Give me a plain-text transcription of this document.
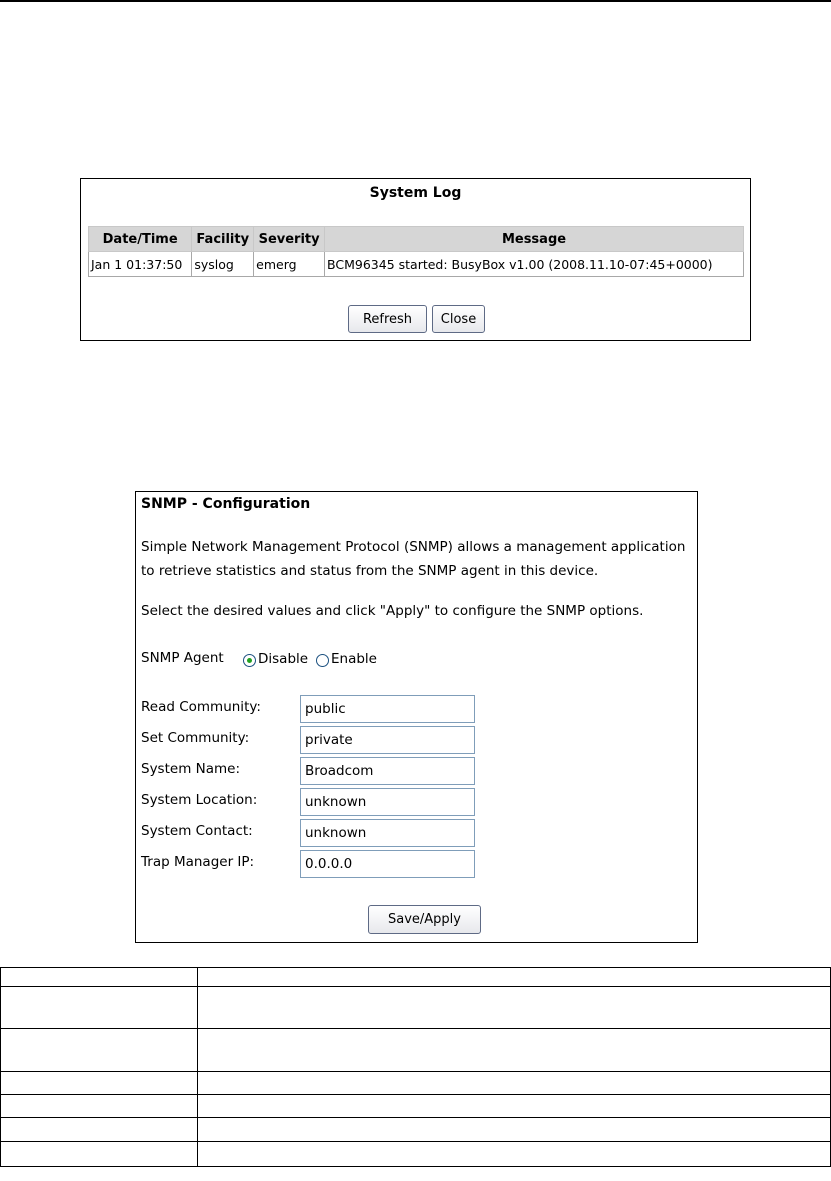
System Log
Date/Time	Facility	Severity	Message
Jan 1 01:37:50	syslog	emerg	BCM96345 started: BusyBox v1.00 (2008.11.10-07:45+0000)
Refresh	Close
SNMP - Configuration
Simple Network Management Protocol (SNMP) allows a management application
to retrieve statistics and status from the SNMP agent in this device.
Select the desired values and click "Apply" to configure the SNMP options.
SNMP Agent	Disable Enable
Read Community:	public
Set Community:	private
System Name:	Broadcom
System Location:	unknown
System Contact:	unknown
Trap Manager IP:	0.0.0.0
Save/Apply
